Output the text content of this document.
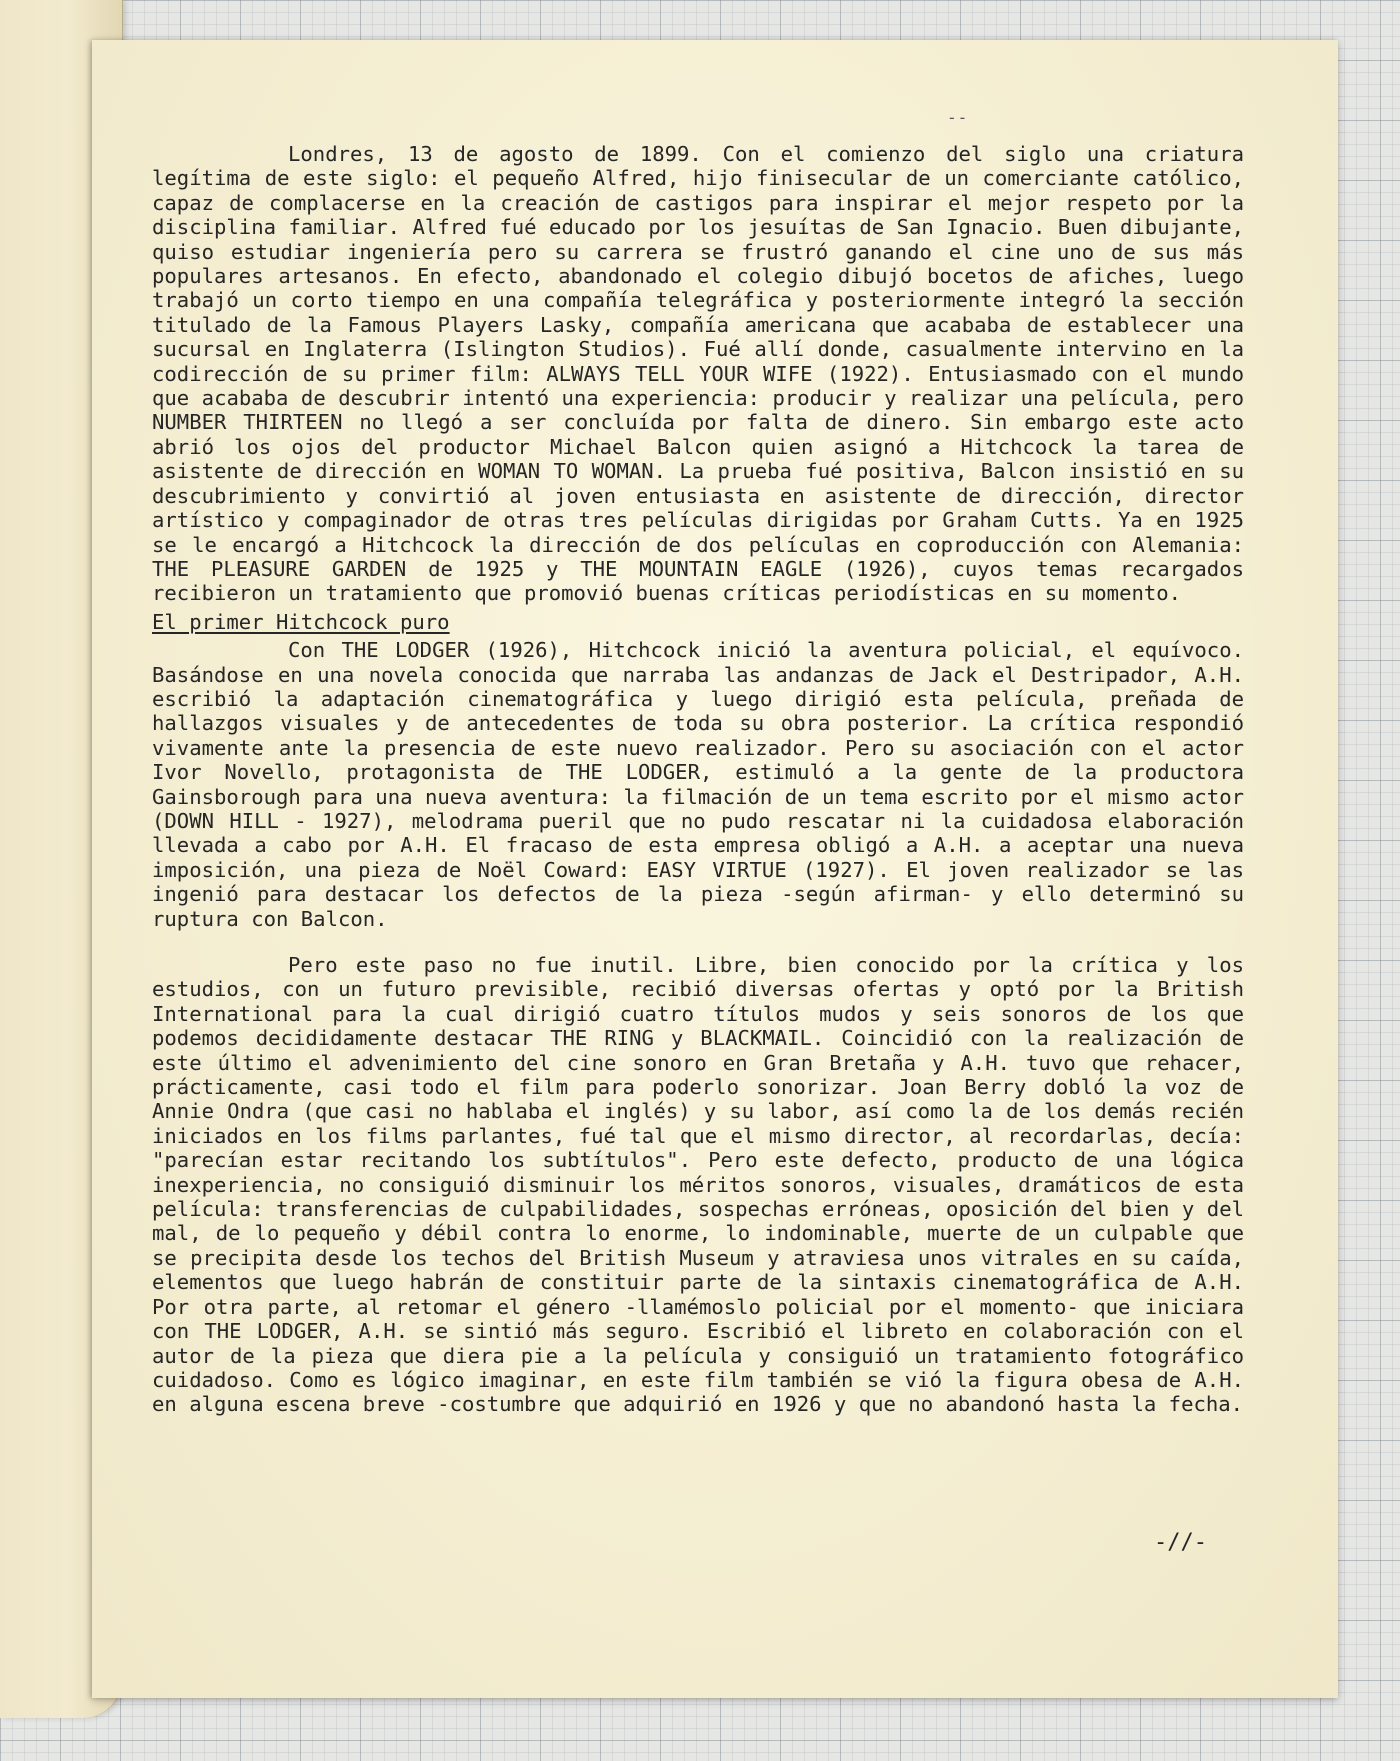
--

Londres, 13 de agosto de 1899. Con el comienzo del siglo una criatura legítima de este siglo: el pequeño Alfred, hijo finisecular de un comerciante católico, capaz de complacerse en la creación de castigos para inspirar el mejor respeto por la disciplina familiar. Alfred fué educado por los jesuítas de San Ignacio. Buen dibujante, quiso estudiar ingeniería pero su carrera se frustró ganando el cine uno de sus más populares artesanos. En efecto, abandonado el colegio dibujó bocetos de afiches, luego trabajó un corto tiempo en una compañía telegráfica y posteriormente integró la sección titulado de la Famous Players Lasky, compañía americana que acababa de establecer una sucursal en Inglaterra (Islington Studios). Fué allí donde, casualmente intervino en la codirección de su primer film: ALWAYS TELL YOUR WIFE (1922). Entusiasmado con el mundo que acababa de descubrir intentó una experiencia: producir y realizar una película, pero NUMBER THIRTEEN no llegó a ser concluída por falta de dinero. Sin embargo este acto abrió los ojos del productor Michael Balcon quien asignó a Hitchcock la tarea de asistente de dirección en WOMAN TO WOMAN. La prueba fué positiva, Balcon insistió en su descubrimiento y convirtió al joven entusiasta en asistente de dirección, director artístico y compaginador de otras tres películas dirigidas por Graham Cutts. Ya en 1925 se le encargó a Hitchcock la dirección de dos películas en coproducción con Alemania: THE PLEASURE GARDEN de 1925 y THE MOUNTAIN EAGLE (1926), cuyos temas recargados recibieron un tratamiento que promovió buenas críticas periodísticas en su momento.

El primer Hitchcock puro

Con THE LODGER (1926), Hitchcock inició la aventura policial, el equívoco. Basándose en una novela conocida que narraba las andanzas de Jack el Destripador, A.H. escribió la adaptación cinematográfica y luego dirigió esta película, preñada de hallazgos visuales y de antecedentes de toda su obra posterior. La crítica respondió vivamente ante la presencia de este nuevo realizador. Pero su asociación con el actor Ivor Novello, protagonista de THE LODGER, estimuló a la gente de la productora Gainsborough para una nueva aventura: la filmación de un tema escrito por el mismo actor (DOWN HILL - 1927), melodrama pueril que no pudo rescatar ni la cuidadosa elaboración llevada a cabo por A.H. El fracaso de esta empresa obligó a A.H. a aceptar una nueva imposición, una pieza de Noël Coward: EASY VIRTUE (1927). El joven realizador se las ingenió para destacar los defectos de la pieza -según afirman- y ello determinó su ruptura con Balcon.

Pero este paso no fue inutil. Libre, bien conocido por la crítica y los estudios, con un futuro previsible, recibió diversas ofertas y optó por la British International para la cual dirigió cuatro títulos mudos y seis sonoros de los que podemos decididamente destacar THE RING y BLACKMAIL. Coincidió con la realización de este último el advenimiento del cine sonoro en Gran Bretaña y A.H. tuvo que rehacer, prácticamente, casi todo el film para poderlo sonorizar. Joan Berry dobló la voz de Annie Ondra (que casi no hablaba el inglés) y su labor, así como la de los demás recién iniciados en los films parlantes, fué tal que el mismo director, al recordarlas, decía: "parecían estar recitando los subtítulos". Pero este defecto, producto de una lógica inexperiencia, no consiguió disminuir los méritos sonoros, visuales, dramáticos de esta película: transferencias de culpabilidades, sospechas erróneas, oposición del bien y del mal, de lo pequeño y débil contra lo enorme, lo indominable, muerte de un culpable que se precipita desde los techos del British Museum y atraviesa unos vitrales en su caída, elementos que luego habrán de constituir parte de la sintaxis cinematográfica de A.H. Por otra parte, al retomar el género -llamémoslo policial por el momento- que iniciara con THE LODGER, A.H. se sintió más seguro. Escribió el libreto en colaboración con el autor de la pieza que diera pie a la película y consiguió un tratamiento fotográfico cuidadoso. Como es lógico imaginar, en este film también se vió la figura obesa de A.H. en alguna escena breve -costumbre que adquirió en 1926 y que no abandonó hasta la fecha.

-//-
